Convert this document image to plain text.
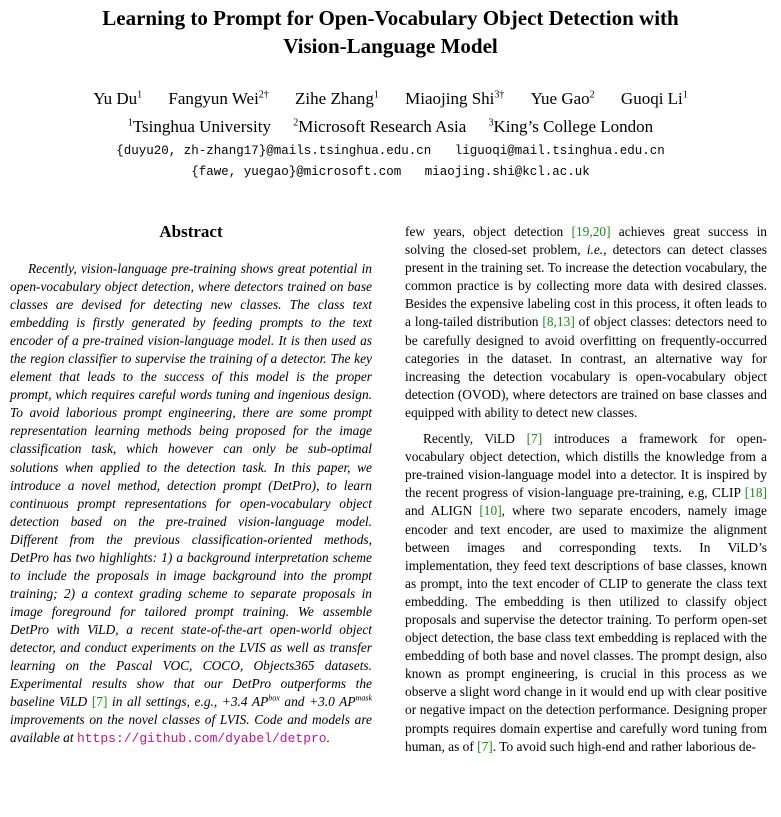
Learning to Prompt for Open-Vocabulary Object Detection with
Vision-Language Model
Yu Du$^1$ Fangyun Wei$^{2\dagger}$ Zihe Zhang$^1$ Miaojing Shi$^{3\dagger}$ Yue Gao$^2$ Guoqi Li$^1$
$^1$Tsinghua University $^2$Microsoft Research Asia $^3$King’s College London
{duyu20, zh-zhang17}@mails.tsinghua.edu.cn liguoqi@mail.tsinghua.edu.cn
{fawe, yuegao}@microsoft.com miaojing.shi@kcl.ac.uk
Abstract

Recently, vision-language pre-training shows great potential in open-vocabulary object detection, where detectors trained on base classes are devised for detecting new classes. The class text embedding is firstly generated by feeding prompts to the text encoder of a pre-trained vision-language model. It is then used as the region classifier to supervise the training of a detector. The key element that leads to the success of this model is the proper prompt, which requires careful words tuning and ingenious design. To avoid laborious prompt engineering, there are some prompt representation learning methods being proposed for the image classification task, which however can only be sub-optimal solutions when applied to the detection task. In this paper, we introduce a novel method, detection prompt (DetPro), to learn continuous prompt representations for open-vocabulary object detection based on the pre-trained vision-language model. Different from the previous classification-oriented methods, DetPro has two highlights: 1) a background interpretation scheme to include the proposals in image background into the prompt training; 2) a context grading scheme to separate proposals in image foreground for tailored prompt training. We assemble DetPro with ViLD, a recent state-of-the-art open-world object detector, and conduct experiments on the LVIS as well as transfer learning on the Pascal VOC, COCO, Objects365 datasets. Experimental results show that our DetPro outperforms the baseline ViLD [7] in all settings, e.g., +3.4 $AP^{box}$ and +3.0 $AP^{mask}$ improvements on the novel classes of LVIS. Code and models are available at https://github.com/dyabel/detpro.

few years, object detection [19,20] achieves great success in solving the closed-set problem, i.e., detectors can detect classes present in the training set. To increase the detection vocabulary, the common practice is by collecting more data with desired classes. Besides the expensive labeling cost in this process, it often leads to a long-tailed distribution [8,13] of object classes: detectors need to be carefully designed to avoid overfitting on frequently-occurred categories in the dataset. In contrast, an alternative way for increasing the detection vocabulary is open-vocabulary object detection (OVOD), where detectors are trained on base classes and equipped with ability to detect new classes.

Recently, ViLD [7] introduces a framework for open-vocabulary object detection, which distills the knowledge from a pre-trained vision-language model into a detector. It is inspired by the recent progress of vision-language pre-training, e.g, CLIP [18] and ALIGN [10], where two separate encoders, namely image encoder and text encoder, are used to maximize the alignment between images and corresponding texts. In ViLD’s implementation, they feed text descriptions of base classes, known as prompt, into the text encoder of CLIP to generate the class text embedding. The embedding is then utilized to classify object proposals and supervise the detector training. To perform open-set object detection, the base class text embedding is replaced with the embedding of both base and novel classes. The prompt design, also known as prompt engineering, is crucial in this process as we observe a slight word change in it would end up with clear positive or negative impact on the detection performance. Designing proper prompts requires domain expertise and carefully word tuning from human, as of [7]. To avoid such high-end and rather laborious de-
